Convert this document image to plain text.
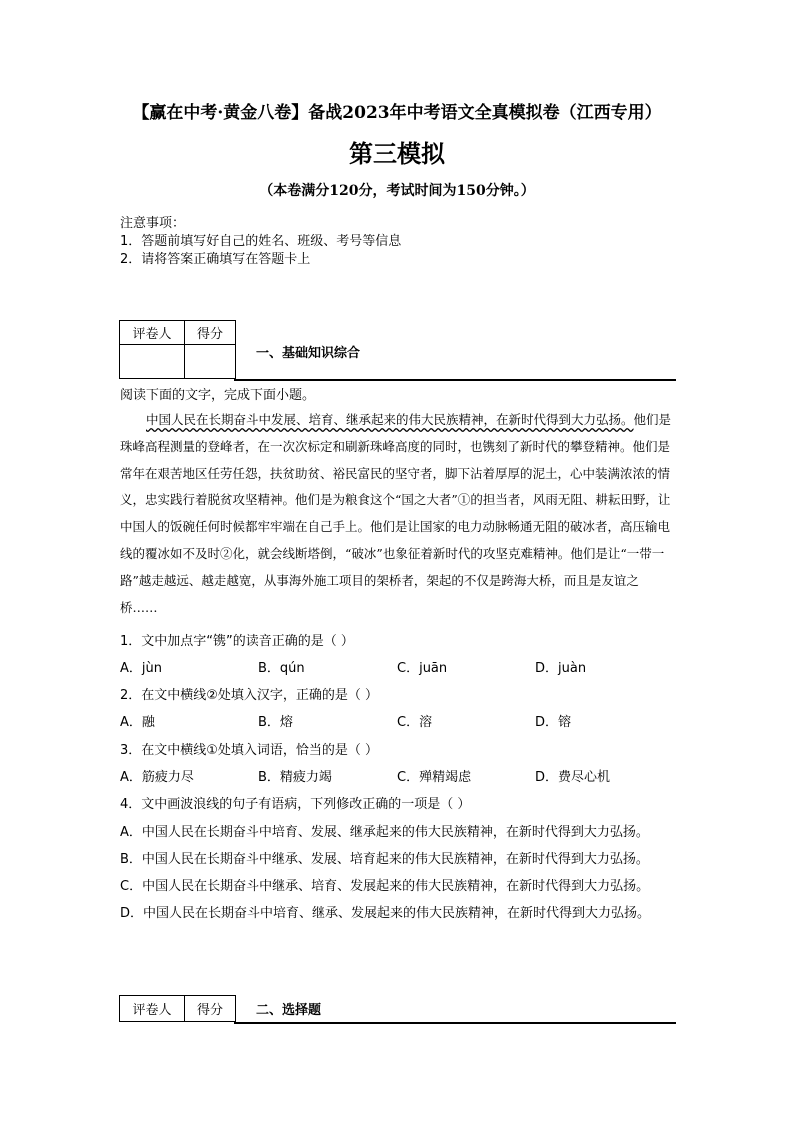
【赢在中考·黄金八卷】备战2023年中考语文全真模拟卷（江西专用）
第三模拟
（本卷满分120分，考试时间为150分钟。）
注意事项：
1．答题前填写好自己的姓名、班级、考号等信息
2．请将答案正确填写在答题卡上
评卷人	得分

一、基础知识综合
阅读下面的文字，完成下面小题。
中国人民在长期奋斗中发展、培育、继承起来的伟大民族精神，在新时代得到大力弘扬。他们是珠峰高程测量的登峰者，在一次次标定和刷新珠峰高度的同时，也镌刻了新时代的攀登精神。他们是常年在艰苦地区任劳任怨，扶贫助贫、裕民富民的坚守者，脚下沾着厚厚的泥土，心中装满浓浓的情义，忠实践行着脱贫攻坚精神。他们是为粮食这个“国之大者”①的担当者，风雨无阻、耕耘田野，让中国人的饭碗任何时候都牢牢端在自己手上。他们是让国家的电力动脉畅通无阻的破冰者，高压输电线的覆冰如不及时②化，就会线断塔倒，“破冰”也象征着新时代的攻坚克难精神。他们是让“一带一路”越走越远、越走越宽，从事海外施工项目的架桥者，架起的不仅是跨海大桥，而且是友谊之桥……
1．文中加点字“镌”的读音正确的是（ ）
A．jùn	B．qún	C．juān	D．juàn
2．在文中横线②处填入汉字，正确的是（ ）
A．融	B．熔	C．溶	D．镕
3．在文中横线①处填入词语，恰当的是（ ）
A．筋疲力尽	B．精疲力竭	C．殚精竭虑	D．费尽心机
4．文中画波浪线的句子有语病，下列修改正确的一项是（ ）
A．中国人民在长期奋斗中培育、发展、继承起来的伟大民族精神，在新时代得到大力弘扬。
B．中国人民在长期奋斗中继承、发展、培育起来的伟大民族精神，在新时代得到大力弘扬。
C．中国人民在长期奋斗中继承、培育、发展起来的伟大民族精神，在新时代得到大力弘扬。
D．中国人民在长期奋斗中培育、继承、发展起来的伟大民族精神，在新时代得到大力弘扬。
评卷人	得分	二、选择题
